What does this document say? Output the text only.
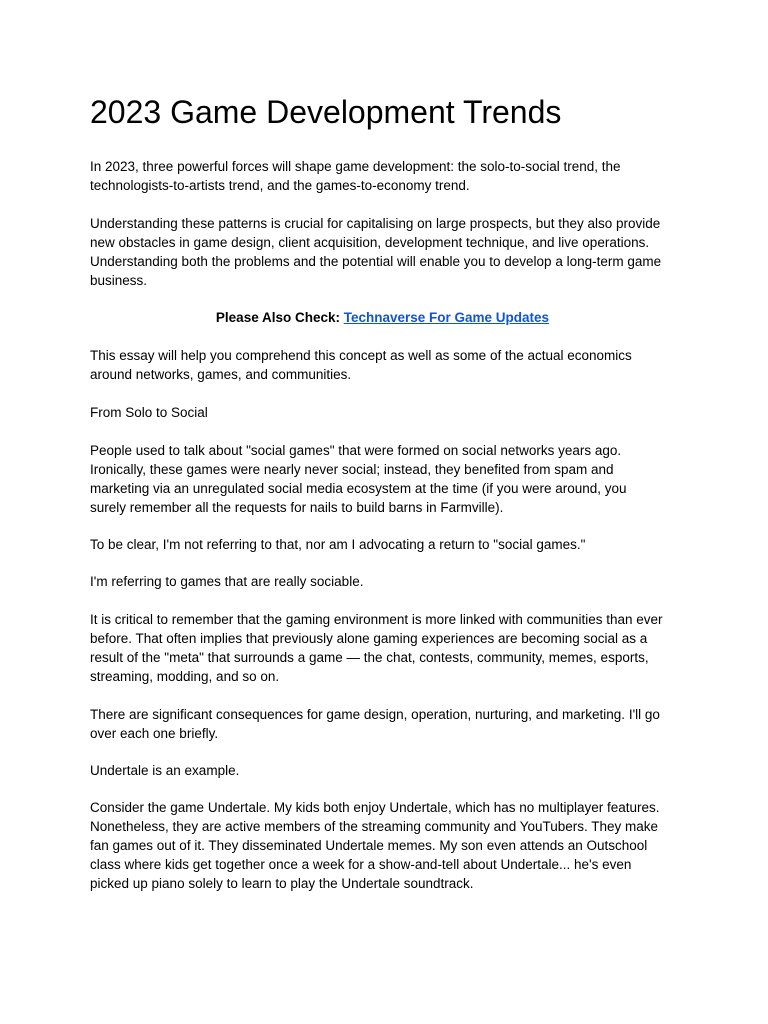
2023 Game Development Trends

In 2023, three powerful forces will shape game development: the solo-to-social trend, the
technologists-to-artists trend, and the games-to-economy trend.

Understanding these patterns is crucial for capitalising on large prospects, but they also provide
new obstacles in game design, client acquisition, development technique, and live operations.
Understanding both the problems and the potential will enable you to develop a long-term game
business.

Please Also Check: Technaverse For Game Updates

This essay will help you comprehend this concept as well as some of the actual economics
around networks, games, and communities.

From Solo to Social

People used to talk about "social games" that were formed on social networks years ago.
Ironically, these games were nearly never social; instead, they benefited from spam and
marketing via an unregulated social media ecosystem at the time (if you were around, you
surely remember all the requests for nails to build barns in Farmville).

To be clear, I'm not referring to that, nor am I advocating a return to "social games."

I'm referring to games that are really sociable.

It is critical to remember that the gaming environment is more linked with communities than ever
before. That often implies that previously alone gaming experiences are becoming social as a
result of the "meta" that surrounds a game — the chat, contests, community, memes, esports,
streaming, modding, and so on.

There are significant consequences for game design, operation, nurturing, and marketing. I'll go
over each one briefly.

Undertale is an example.

Consider the game Undertale. My kids both enjoy Undertale, which has no multiplayer features.
Nonetheless, they are active members of the streaming community and YouTubers. They make
fan games out of it. They disseminated Undertale memes. My son even attends an Outschool
class where kids get together once a week for a show-and-tell about Undertale... he's even
picked up piano solely to learn to play the Undertale soundtrack.
